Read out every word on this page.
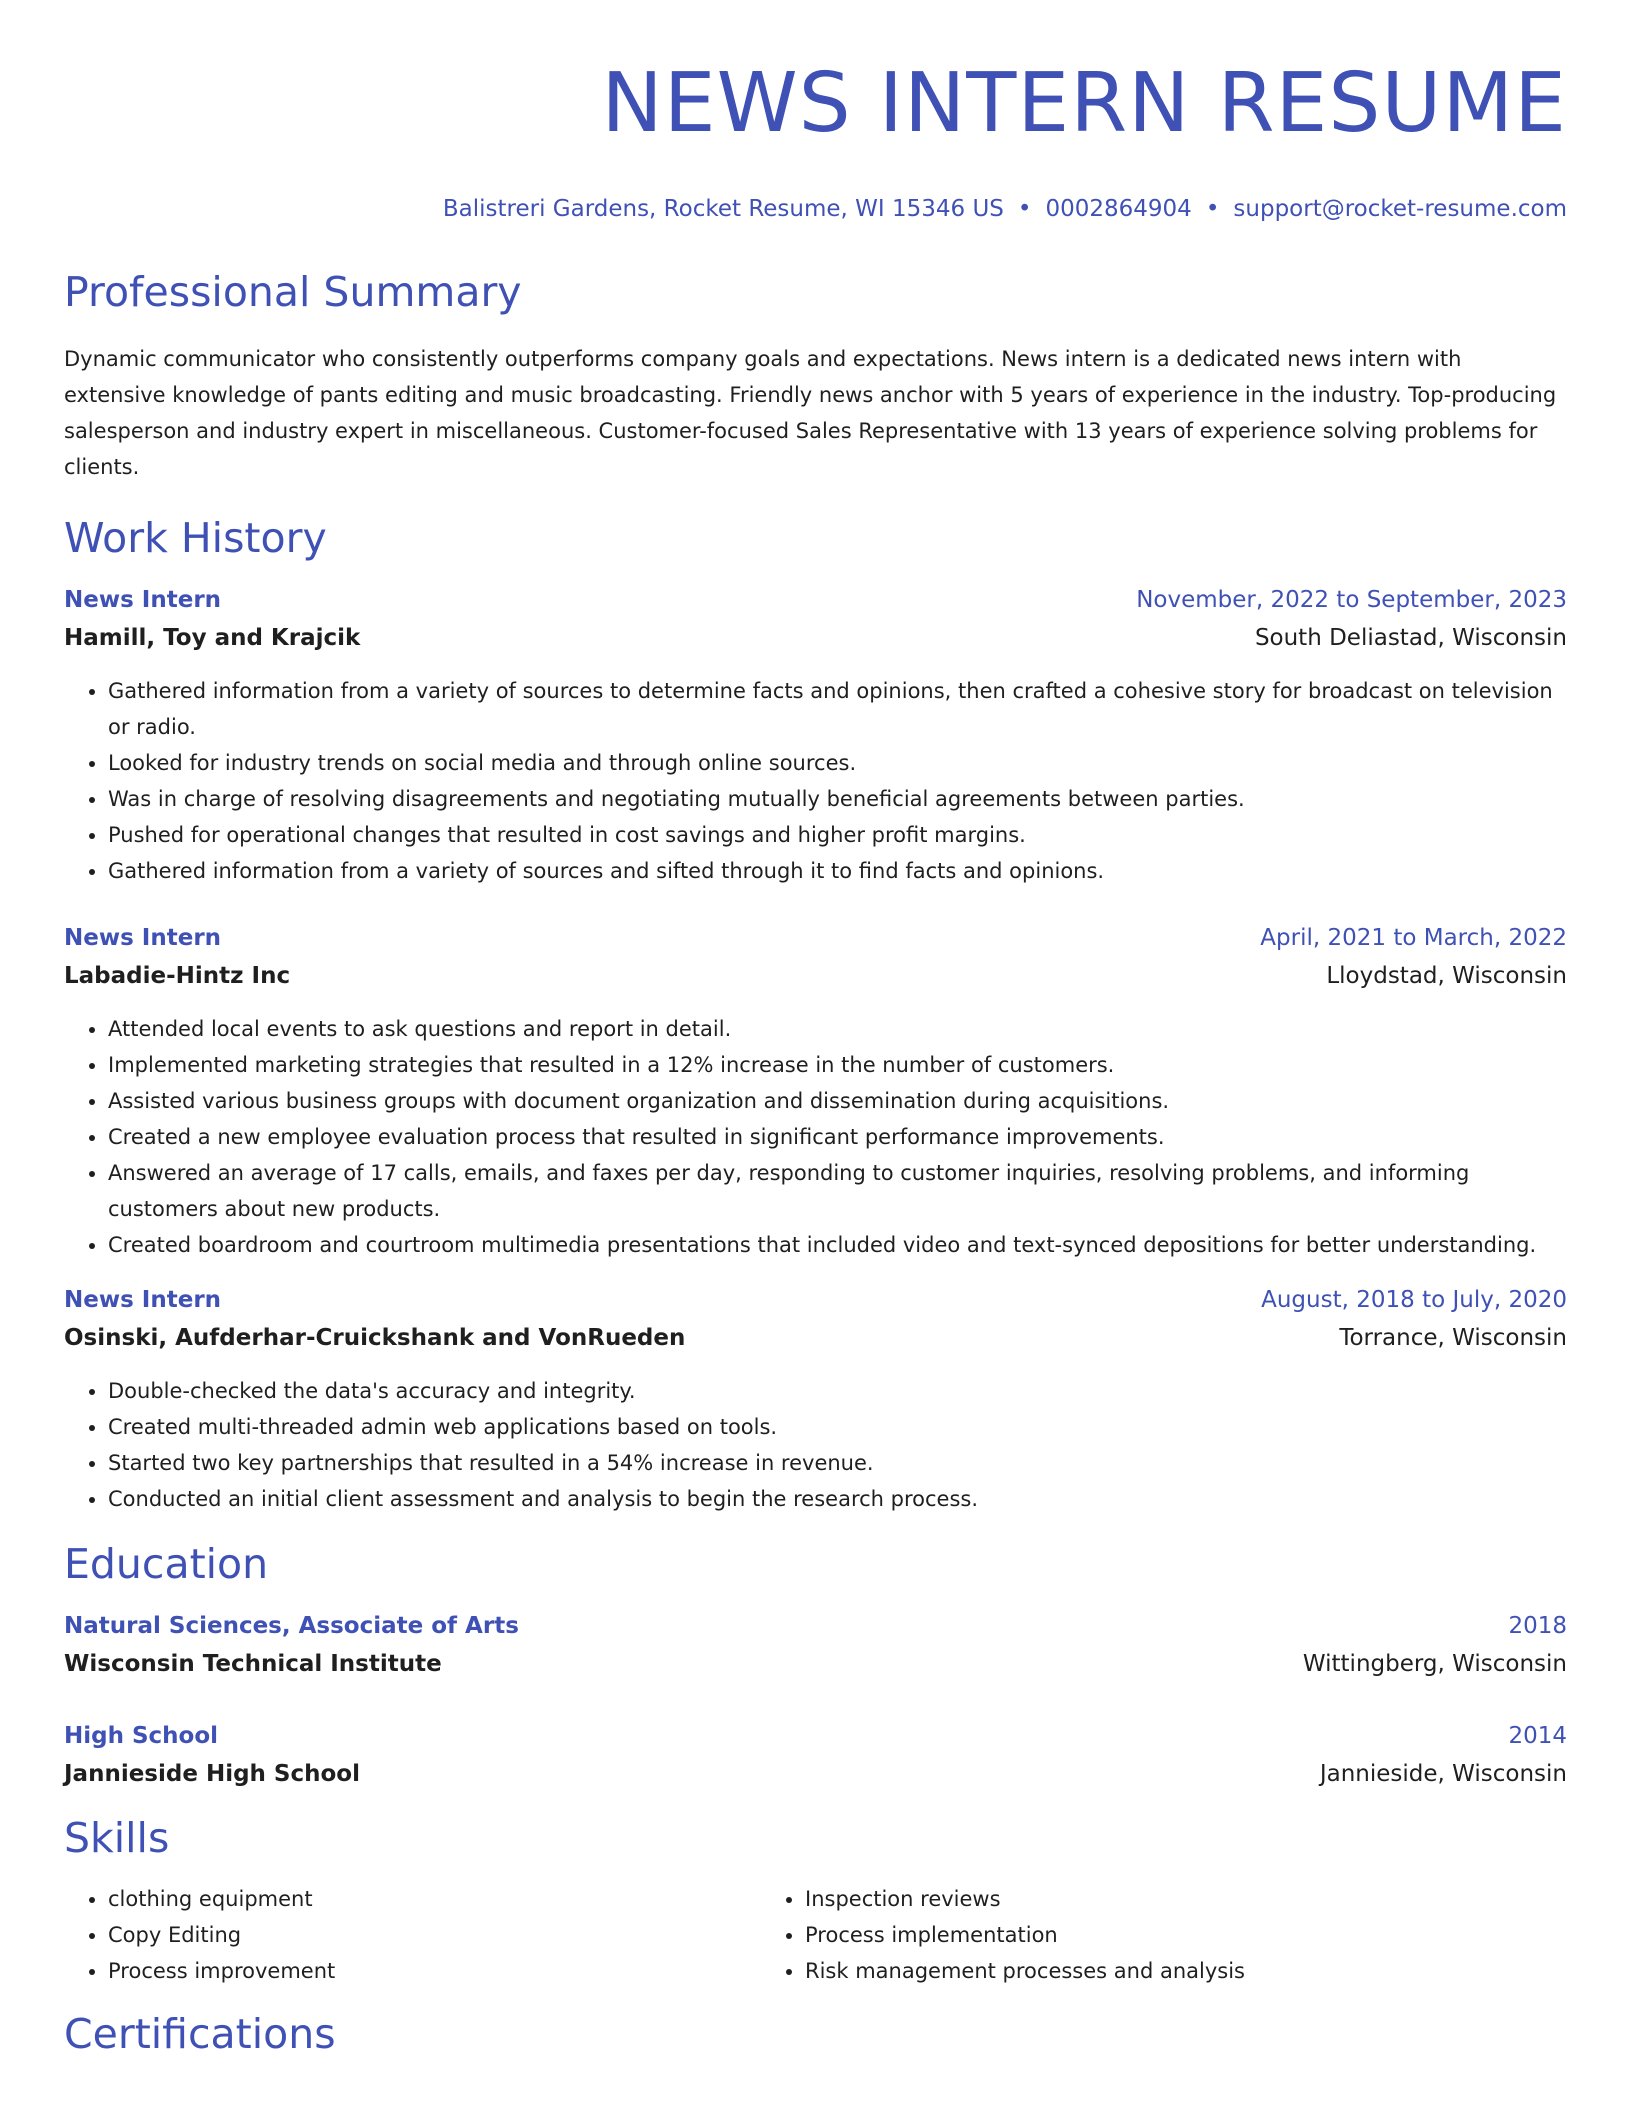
NEWS INTERN RESUME
Balistreri Gardens, Rocket Resume, WI 15346 US • 0002864904 • support@rocket-resume.com
Professional Summary

Dynamic communicator who consistently outperforms company goals and expectations. News intern is a dedicated news intern with extensive knowledge of pants editing and music broadcasting. Friendly news anchor with 5 years of experience in the industry. Top-producing salesperson and industry expert in miscellaneous. Customer-focused Sales Representative with 13 years of experience solving problems for clients.

Work History
News Intern	November, 2022 to September, 2023
Hamill, Toy and Krajcik	South Deliastad, Wisconsin
• Gathered information from a variety of sources to determine facts and opinions, then crafted a cohesive story for broadcast on television or radio.
• Looked for industry trends on social media and through online sources.
• Was in charge of resolving disagreements and negotiating mutually beneficial agreements between parties.
• Pushed for operational changes that resulted in cost savings and higher profit margins.
• Gathered information from a variety of sources and sifted through it to find facts and opinions.
News Intern	April, 2021 to March, 2022
Labadie-Hintz Inc	Lloydstad, Wisconsin
• Attended local events to ask questions and report in detail.
• Implemented marketing strategies that resulted in a 12% increase in the number of customers.
• Assisted various business groups with document organization and dissemination during acquisitions.
• Created a new employee evaluation process that resulted in significant performance improvements.
• Answered an average of 17 calls, emails, and faxes per day, responding to customer inquiries, resolving problems, and informing customers about new products.
• Created boardroom and courtroom multimedia presentations that included video and text-synced depositions for better understanding.
News Intern	August, 2018 to July, 2020
Osinski, Aufderhar-Cruickshank and VonRueden	Torrance, Wisconsin
• Double-checked the data's accuracy and integrity.
• Created multi-threaded admin web applications based on tools.
• Started two key partnerships that resulted in a 54% increase in revenue.
• Conducted an initial client assessment and analysis to begin the research process.
Education
Natural Sciences, Associate of Arts	2018
Wisconsin Technical Institute	Wittingberg, Wisconsin
High School	2014
Jannieside High School	Jannieside, Wisconsin
Skills
• clothing equipment
• Copy Editing
• Process improvement
• Inspection reviews
• Process implementation
• Risk management processes and analysis
Certifications
